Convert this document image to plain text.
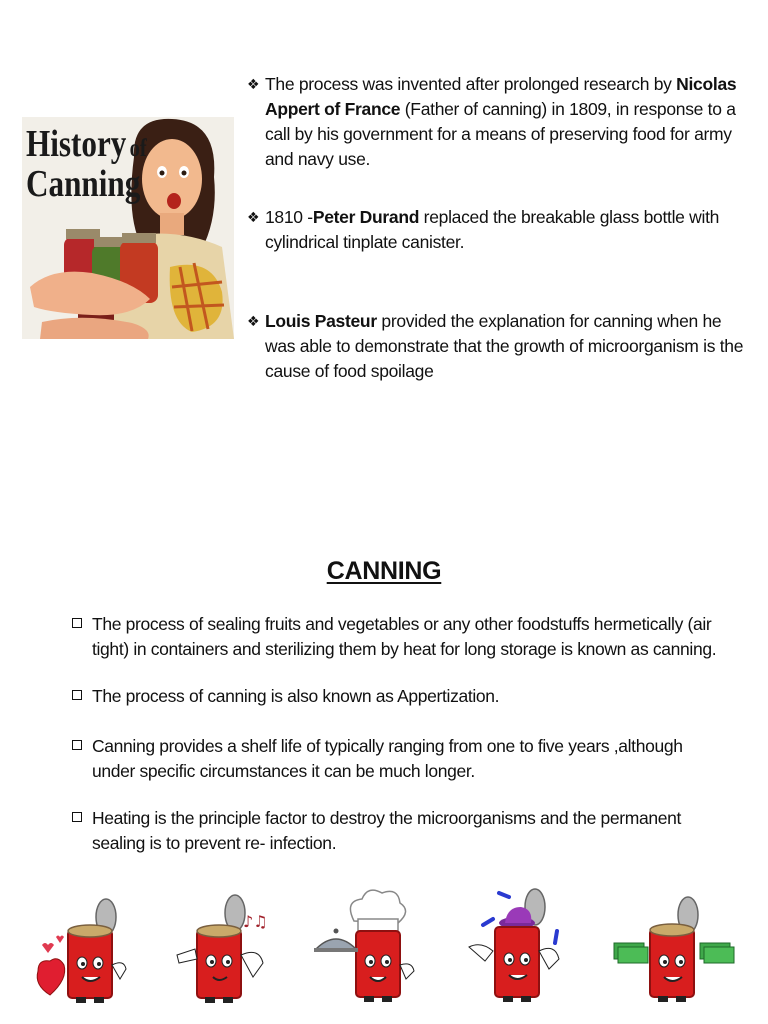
History of
Canning
❖ The process was invented after prolonged research by Nicolas Appert of France (Father of canning) in 1809, in response to a call by his government for a means of preserving food for army and navy use.
❖ 1810 -Peter Durand replaced the breakable glass bottle with cylindrical tinplate canister.
❖ Louis Pasteur provided the explanation for canning when he was able to demonstrate that the growth of microorganism is the cause of food spoilage
CANNING
The process of sealing fruits and vegetables or any other foodstuffs hermetically (air tight) in containers and sterilizing them by heat for long storage is known as canning.
The process of canning is also known as Appertization.
Canning provides a shelf life of typically ranging from one to five years ,although under specific circumstances it can be much longer.
Heating is the principle factor to destroy the microorganisms and the permanent sealing is to prevent re- infection.
♪♫
